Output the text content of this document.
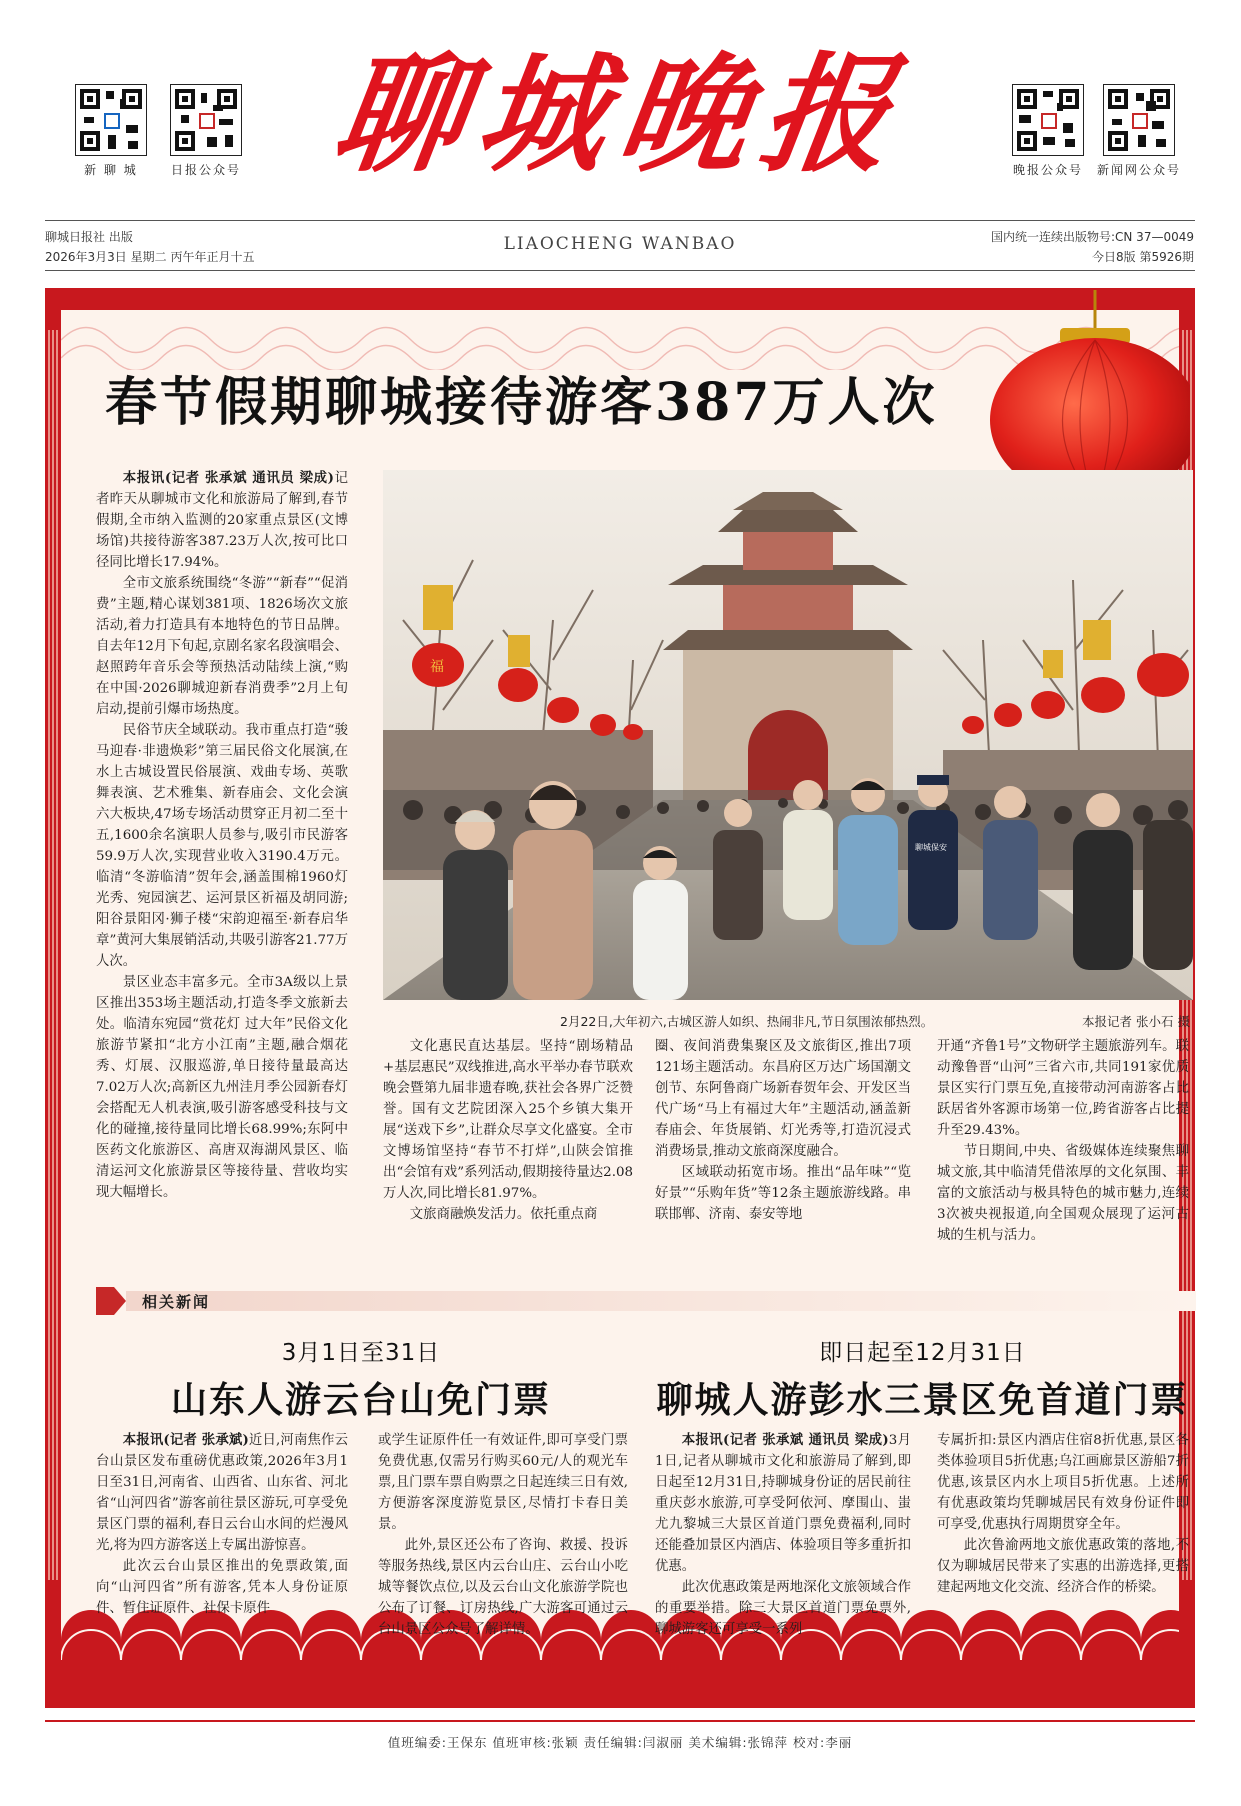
新 聊 城	日报公众号 聊城晚报	晚报公众号	新闻网公众号
聊城日报社 出版
2026年3月3日 星期二 丙午年正月十五
LIAOCHENG WANBAO	国内统一连续出版物号:CN 37—0049
今日8版 第5926期
春节假期聊城接待游客387万人次

本报讯(记者 张承斌 通讯员 梁成)记者昨天从聊城市文化和旅游局了解到,春节假期,全市纳入监测的20家重点景区(文博场馆)共接待游客387.23万人次,按可比口径同比增长17.94%。

全市文旅系统围绕“冬游”“新春”“促消费”主题,精心谋划381项、1826场次文旅活动,着力打造具有本地特色的节日品牌。自去年12月下旬起,京剧名家名段演唱会、赵照跨年音乐会等预热活动陆续上演,“购在中国·2026聊城迎新春消费季”2月上旬启动,提前引爆市场热度。

民俗节庆全域联动。我市重点打造“骏马迎春·非遗焕彩”第三届民俗文化展演,在水上古城设置民俗展演、戏曲专场、英歌舞表演、艺术雅集、新春庙会、文化会演六大板块,47场专场活动贯穿正月初二至十五,1600余名演职人员参与,吸引市民游客59.9万人次,实现营业收入3190.4万元。临清“冬游临清”贺年会,涵盖围棉1960灯光秀、宛园演艺、运河景区祈福及胡同游;阳谷景阳冈·狮子楼“宋韵迎福至·新春启华章”黄河大集展销活动,共吸引游客21.77万人次。

景区业态丰富多元。全市3A级以上景区推出353场主题活动,打造冬季文旅新去处。临清东宛园“赏花灯 过大年”民俗文化旅游节紧扣“北方小江南”主题,融合烟花秀、灯展、汉服巡游,单日接待量最高达7.02万人次;高新区九州洼月季公园新春灯会搭配无人机表演,吸引游客感受科技与文化的碰撞,接待量同比增长68.99%;东阿中医药文化旅游区、高唐双海湖风景区、临清运河文化旅游景区等接待量、营收均实现大幅增长。

福
聊城保安
2月22日,大年初六,古城区游人如织、热闹非凡,节日氛围浓郁热烈。	本报记者 张小石 摄

文化惠民直达基层。坚持“剧场精品+基层惠民”双线推进,高水平举办春节联欢晚会暨第九届非遗春晚,获社会各界广泛赞誉。国有文艺院团深入25个乡镇大集开展“送戏下乡”,让群众尽享文化盛宴。全市文博场馆坚持“春节不打烊”,山陕会馆推出“会馆有戏”系列活动,假期接待量达2.08万人次,同比增长81.97%。

文旅商融焕发活力。依托重点商

圈、夜间消费集聚区及文旅街区,推出7项121场主题活动。东昌府区万达广场国潮文创节、东阿鲁商广场新春贺年会、开发区当代广场“马上有福过大年”主题活动,涵盖新春庙会、年货展销、灯光秀等,打造沉浸式消费场景,推动文旅商深度融合。

区域联动拓宽市场。推出“品年味”“览好景”“乐购年货”等12条主题旅游线路。串联邯郸、济南、泰安等地

开通“齐鲁1号”文物研学主题旅游列车。联动豫鲁晋“山河”三省六市,共同191家优质景区实行门票互免,直接带动河南游客占比跃居省外客源市场第一位,跨省游客占比提升至29.43%。

节日期间,中央、省级媒体连续聚焦聊城文旅,其中临清凭借浓厚的文化氛围、丰富的文旅活动与极具特色的城市魅力,连续3次被央视报道,向全国观众展现了运河古城的生机与活力。

相关新闻
3月1日至31日
山东人游云台山免门票
即日起至12月31日
聊城人游彭水三景区免首道门票

本报讯(记者 张承斌)近日,河南焦作云台山景区发布重磅优惠政策,2026年3月1日至31日,河南省、山西省、山东省、河北省“山河四省”游客前往景区游玩,可享受免景区门票的福利,春日云台山水间的烂漫风光,将为四方游客送上专属出游惊喜。

此次云台山景区推出的免票政策,面向“山河四省”所有游客,凭本人身份证原件、暂住证原件、社保卡原件

或学生证原件任一有效证件,即可享受门票免费优惠,仅需另行购买60元/人的观光车票,且门票车票自购票之日起连续三日有效,方便游客深度游览景区,尽情打卡春日美景。

此外,景区还公布了咨询、救援、投诉等服务热线,景区内云台山庄、云台山小吃城等餐饮点位,以及云台山文化旅游学院也公布了订餐、订房热线,广大游客可通过云台山景区公众号了解详情。

本报讯(记者 张承斌 通讯员 梁成)3月1日,记者从聊城市文化和旅游局了解到,即日起至12月31日,持聊城身份证的居民前往重庆彭水旅游,可享受阿依河、摩围山、蚩尤九黎城三大景区首道门票免费福利,同时还能叠加景区内酒店、体验项目等多重折扣优惠。

此次优惠政策是两地深化文旅领域合作的重要举措。除三大景区首道门票免票外,聊城游客还可享受一系列

专属折扣:景区内酒店住宿8折优惠,景区各类体验项目5折优惠;乌江画廊景区游船7折优惠,该景区内水上项目5折优惠。上述所有优惠政策均凭聊城居民有效身份证件即可享受,优惠执行周期贯穿全年。

此次鲁渝两地文旅优惠政策的落地,不仅为聊城居民带来了实惠的出游选择,更搭建起两地文化交流、经济合作的桥梁。

值班编委:王保东 值班审核:张颖 责任编辑:闫淑丽 美术编辑:张锦萍 校对:李丽
